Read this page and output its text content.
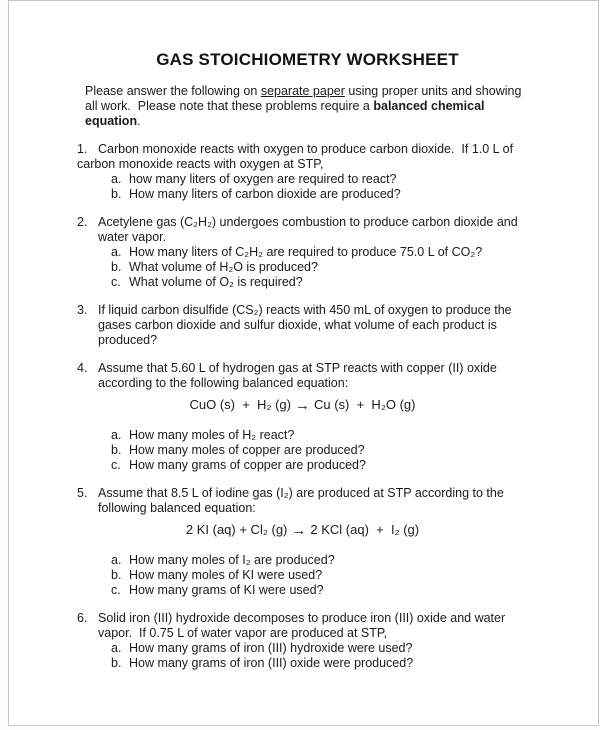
GAS STOICHIOMETRY WORKSHEET

Please answer the following on separate paper using proper units and showing
all work.  Please note that these problems require a balanced chemical
equation.

1. Carbon monoxide reacts with oxygen to produce carbon dioxide.  If 1.0 L of
carbon monoxide reacts with oxygen at STP,
a. how many liters of oxygen are required to react?
b. How many liters of carbon dioxide are produced?
2. Acetylene gas (C₂H₂) undergoes combustion to produce carbon dioxide and
water vapor.
a. How many liters of C₂H₂ are required to produce 75.0 L of CO₂?
b. What volume of H₂O is produced?
c. What volume of O₂ is required?
3. If liquid carbon disulfide (CS₂) reacts with 450 mL of oxygen to produce the
gases carbon dioxide and sulfur dioxide, what volume of each product is
produced?
4. Assume that 5.60 L of hydrogen gas at STP reacts with copper (II) oxide
according to the following balanced equation:
CuO (s)  +  H₂ (g) → Cu (s)  +  H₂O (g)
a. How many moles of H₂ react?
b. How many moles of copper are produced?
c. How many grams of copper are produced?
5. Assume that 8.5 L of iodine gas (I₂) are produced at STP according to the
following balanced equation:
2 KI (aq) + Cl₂ (g) → 2 KCl (aq)  +  I₂ (g)
a. How many moles of I₂ are produced?
b. How many moles of KI were used?
c. How many grams of KI were used?
6. Solid iron (III) hydroxide decomposes to produce iron (III) oxide and water
vapor.  If 0.75 L of water vapor are produced at STP,
a. How many grams of iron (III) hydroxide were used?
b. How many grams of iron (III) oxide were produced?
